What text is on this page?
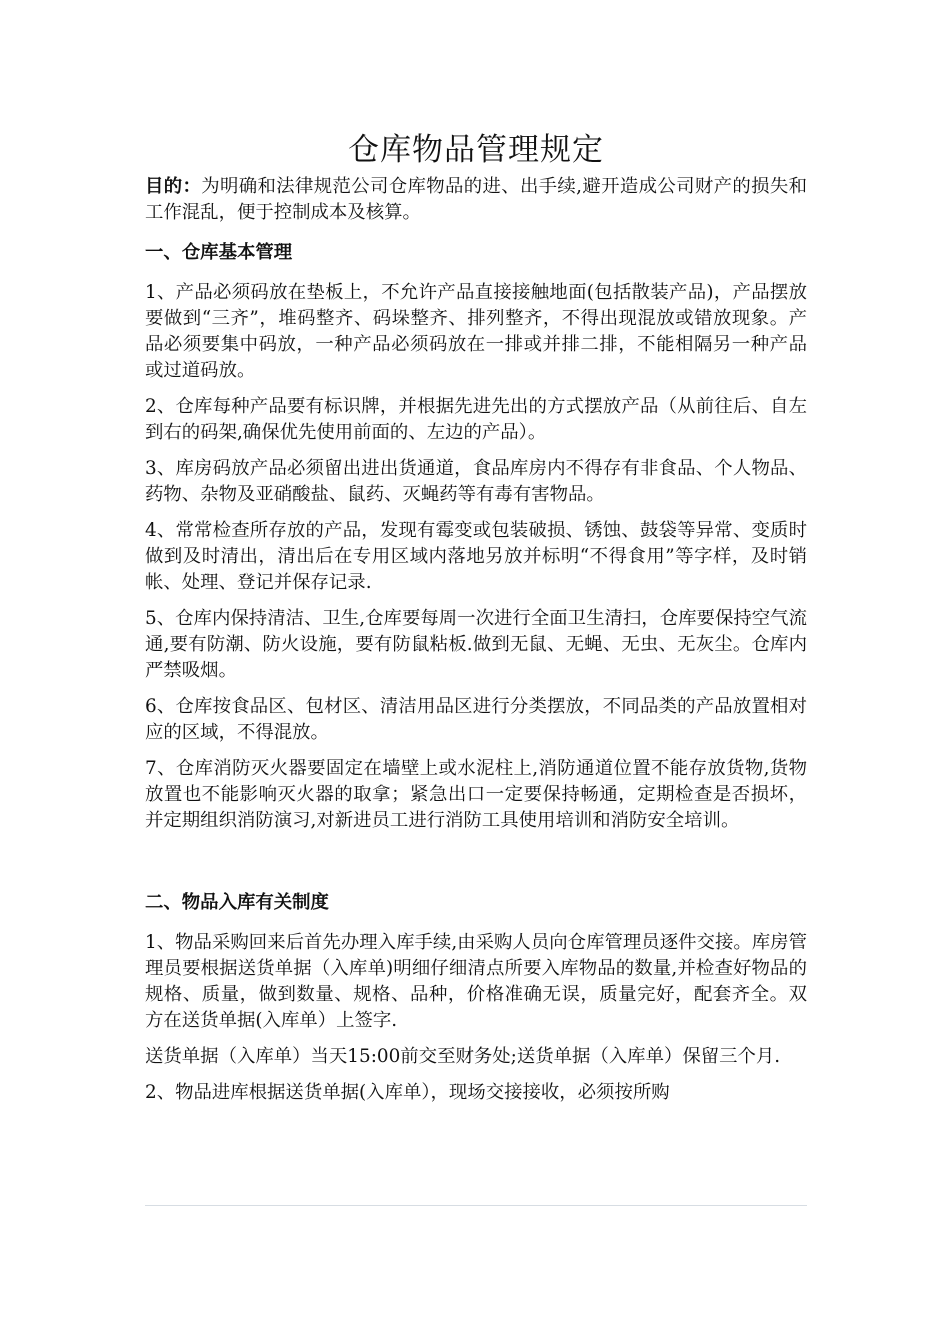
仓库物品管理规定

目的：为明确和法律规范公司仓库物品的进、出手续,避开造成公司财产的损失和工作混乱，便于控制成本及核算。

一、仓库基本管理

1、产品必须码放在垫板上，不允许产品直接接触地面(包括散装产品)，产品摆放要做到“三齐”，堆码整齐、码垛整齐、排列整齐，不得出现混放或错放现象。产品必须要集中码放，一种产品必须码放在一排或并排二排，不能相隔另一种产品或过道码放。

2、仓库每种产品要有标识牌，并根据先进先出的方式摆放产品（从前往后、自左到右的码架,确保优先使用前面的、左边的产品）。

3、库房码放产品必须留出进出货通道，食品库房内不得存有非食品、个人物品、药物、杂物及亚硝酸盐、鼠药、灭蝇药等有毒有害物品。

4、常常检查所存放的产品，发现有霉变或包装破损、锈蚀、鼓袋等异常、变质时做到及时清出，清出后在专用区域内落地另放并标明“不得食用”等字样，及时销帐、处理、登记并保存记录.

5、仓库内保持清洁、卫生,仓库要每周一次进行全面卫生清扫，仓库要保持空气流通,要有防潮、防火设施，要有防鼠粘板.做到无鼠、无蝇、无虫、无灰尘。仓库内严禁吸烟。

6、仓库按食品区、包材区、清洁用品区进行分类摆放，不同品类的产品放置相对应的区域，不得混放。

7、仓库消防灭火器要固定在墙壁上或水泥柱上,消防通道位置不能存放货物,货物放置也不能影响灭火器的取拿；紧急出口一定要保持畅通，定期检查是否损坏，并定期组织消防演习,对新进员工进行消防工具使用培训和消防安全培训。

二、物品入库有关制度

1、物品采购回来后首先办理入库手续,由采购人员向仓库管理员逐件交接。库房管理员要根据送货单据（入库单)明细仔细清点所要入库物品的数量,并检查好物品的规格、质量，做到数量、规格、品种，价格准确无误，质量完好，配套齐全。双方在送货单据(入库单）上签字.

送货单据（入库单）当天15:00前交至财务处;送货单据（入库单）保留三个月.

2、物品进库根据送货单据(入库单），现场交接接收，必须按所购
